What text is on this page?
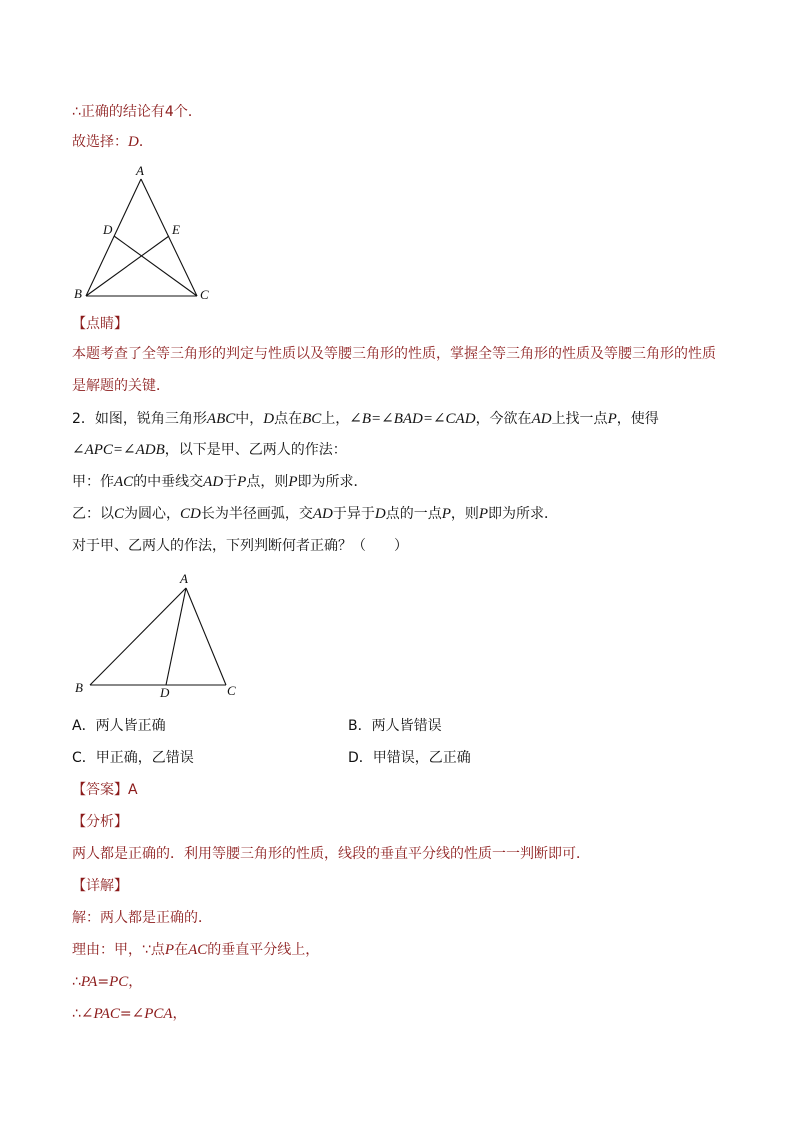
∴正确的结论有4个．
故选择：D．
A
B	C
D	E
【点睛】
本题考查了全等三角形的判定与性质以及等腰三角形的性质，掌握全等三角形的性质及等腰三角形的性质
是解题的关键．
2．如图，锐角三角形ABC中，D点在BC上，∠B=∠BAD=∠CAD，今欲在AD上找一点P，使得
∠APC=∠ADB，以下是甲、乙两人的作法：
甲：作AC的中垂线交AD于P点，则P即为所求．
乙：以C为圆心，CD长为半径画弧，交AD于异于D点的一点P，则P即为所求．
对于甲、乙两人的作法，下列判断何者正确？（　　）
A
B	C
D
A．两人皆正确	B．两人皆错误
C．甲正确，乙错误	D．甲错误，乙正确
【答案】A
【分析】
两人都是正确的．利用等腰三角形的性质，线段的垂直平分线的性质一一判断即可．
【详解】
解：两人都是正确的．
理由：甲，∵点P在AC的垂直平分线上，
∴PA=PC，
∴∠PAC=∠PCA，
